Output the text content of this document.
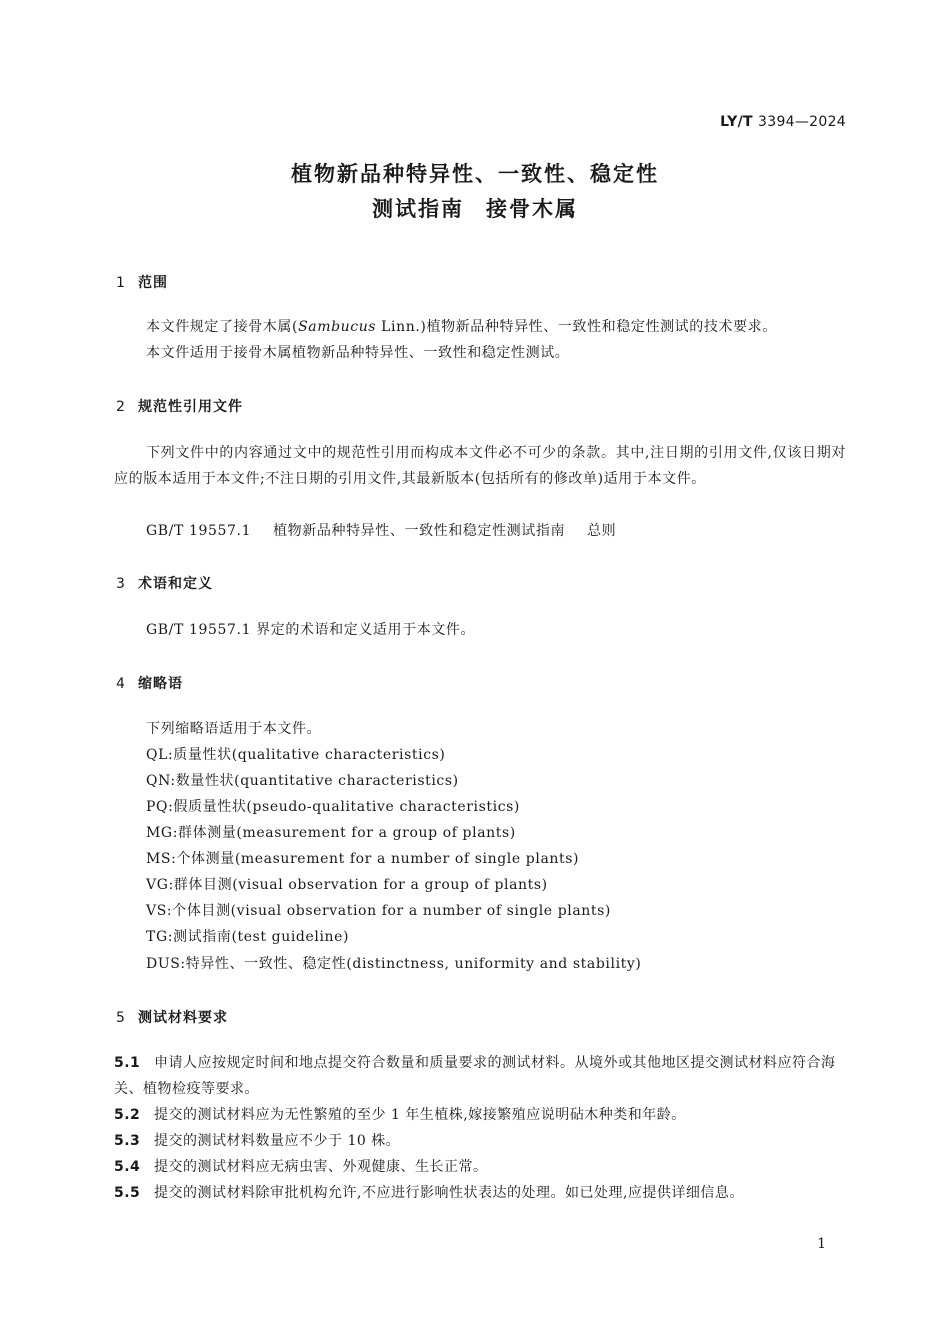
LY/T 3394—2024
植物新品种特异性、一致性、稳定性
测试指南 接骨木属
1 范围
本文件规定了接骨木属(Sambucus Linn.)植物新品种特异性、一致性和稳定性测试的技术要求。
本文件适用于接骨木属植物新品种特异性、一致性和稳定性测试。
2 规范性引用文件
下列文件中的内容通过文中的规范性引用而构成本文件必不可少的条款。其中,注日期的引用文件,仅该日期对应的版本适用于本文件;不注日期的引用文件,其最新版本(包括所有的修改单)适用于本文件。
GB/T 19557.1 植物新品种特异性、一致性和稳定性测试指南 总则
3 术语和定义
GB/T 19557.1 界定的术语和定义适用于本文件。
4 缩略语
下列缩略语适用于本文件。
QL:质量性状(qualitative characteristics)
QN:数量性状(quantitative characteristics)
PQ:假质量性状(pseudo-qualitative characteristics)
MG:群体测量(measurement for a group of plants)
MS:个体测量(measurement for a number of single plants)
VG:群体目测(visual observation for a group of plants)
VS:个体目测(visual observation for a number of single plants)
TG:测试指南(test guideline)
DUS:特异性、一致性、稳定性(distinctness, uniformity and stability)
5 测试材料要求
5.1 申请人应按规定时间和地点提交符合数量和质量要求的测试材料。从境外或其他地区提交测试材料应符合海关、植物检疫等要求。
5.2 提交的测试材料应为无性繁殖的至少 1 年生植株,嫁接繁殖应说明砧木种类和年龄。
5.3 提交的测试材料数量应不少于 10 株。
5.4 提交的测试材料应无病虫害、外观健康、生长正常。
5.5 提交的测试材料除审批机构允许,不应进行影响性状表达的处理。如已处理,应提供详细信息。
1
